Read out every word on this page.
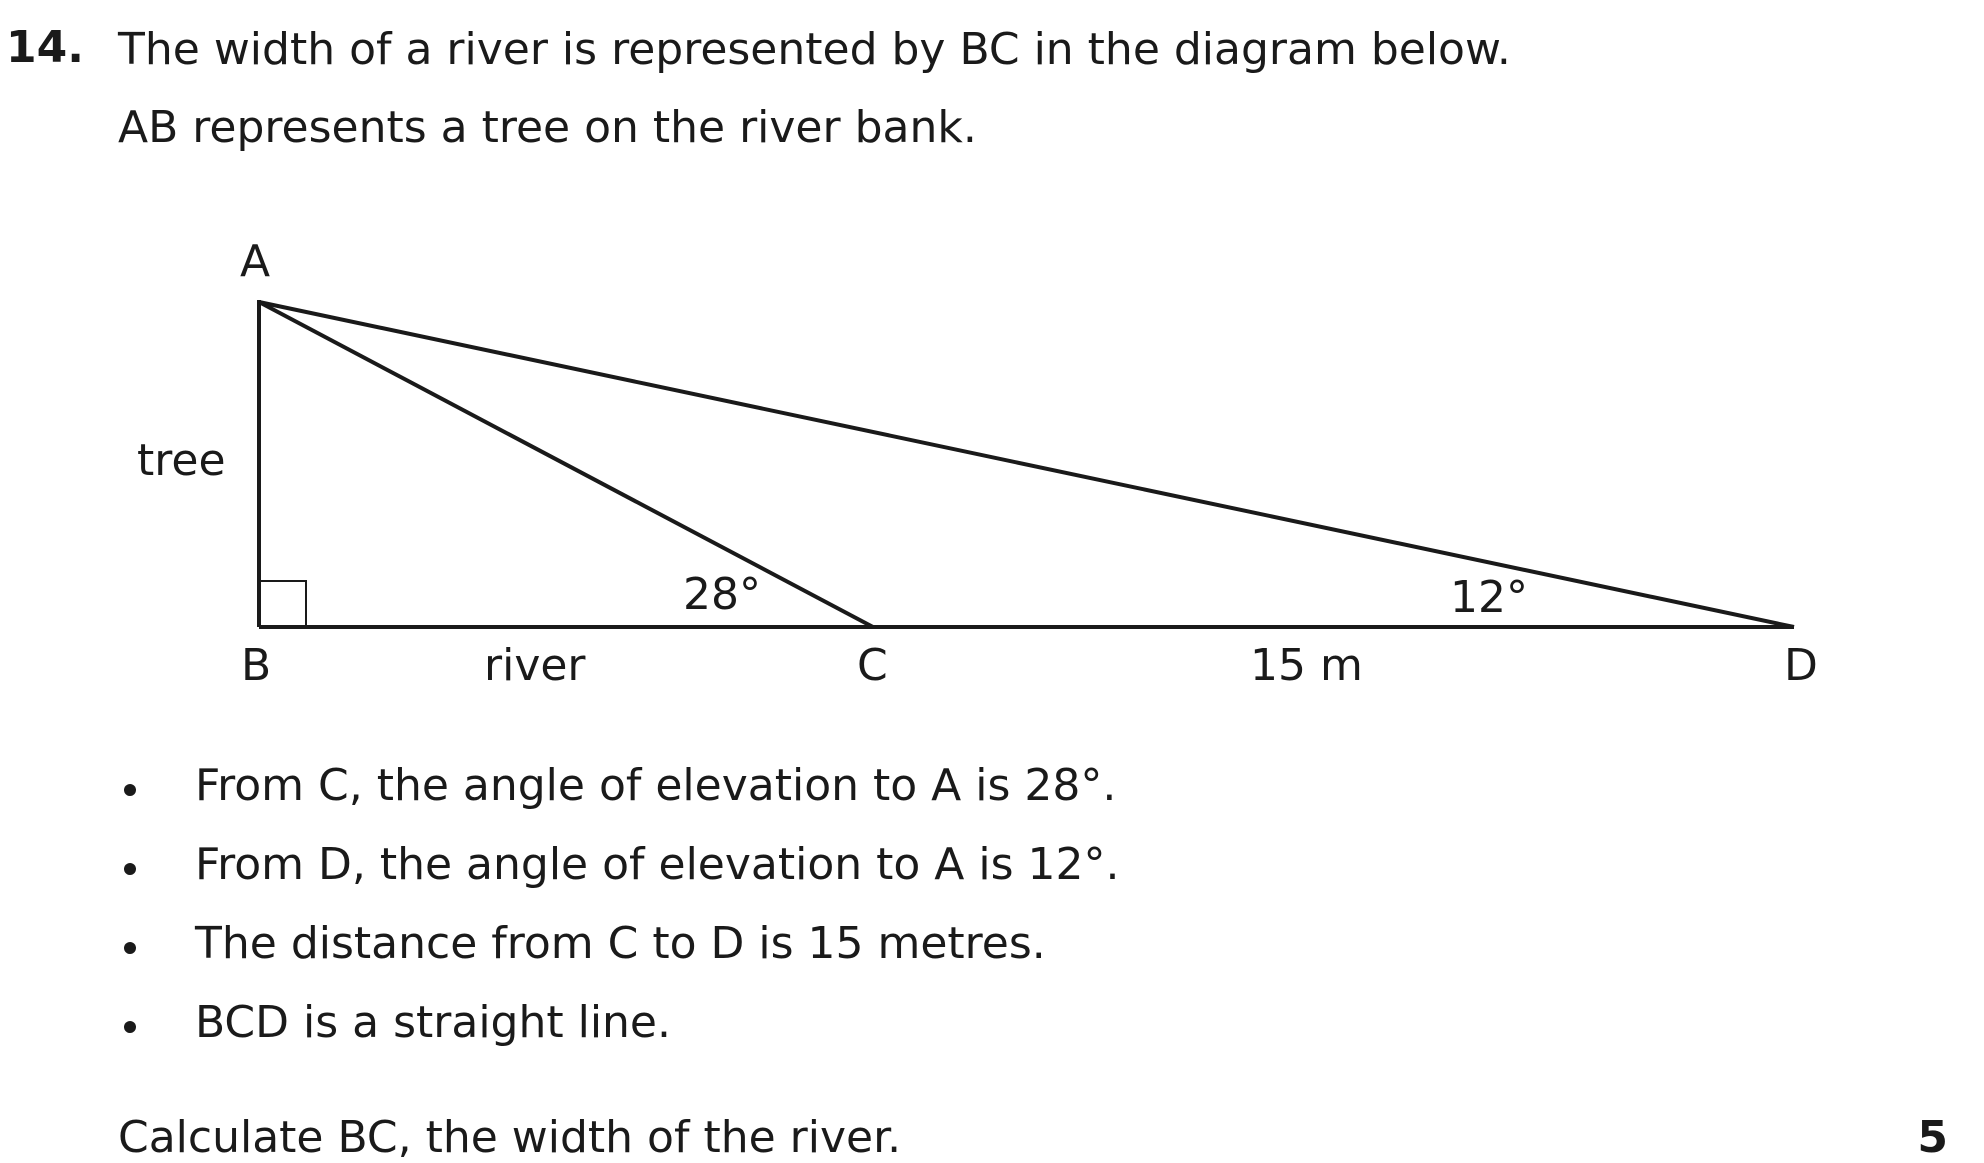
14. The width of a river is represented by BC in the diagram below.
AB represents a tree on the river bank.
A
tree
28°	12°
B	river	C	15 m	D
From C, the angle of elevation to A is 28°.
From D, the angle of elevation to A is 12°.
The distance from C to D is 15 metres.
BCD is a straight line.
Calculate BC, the width of the river.	5
